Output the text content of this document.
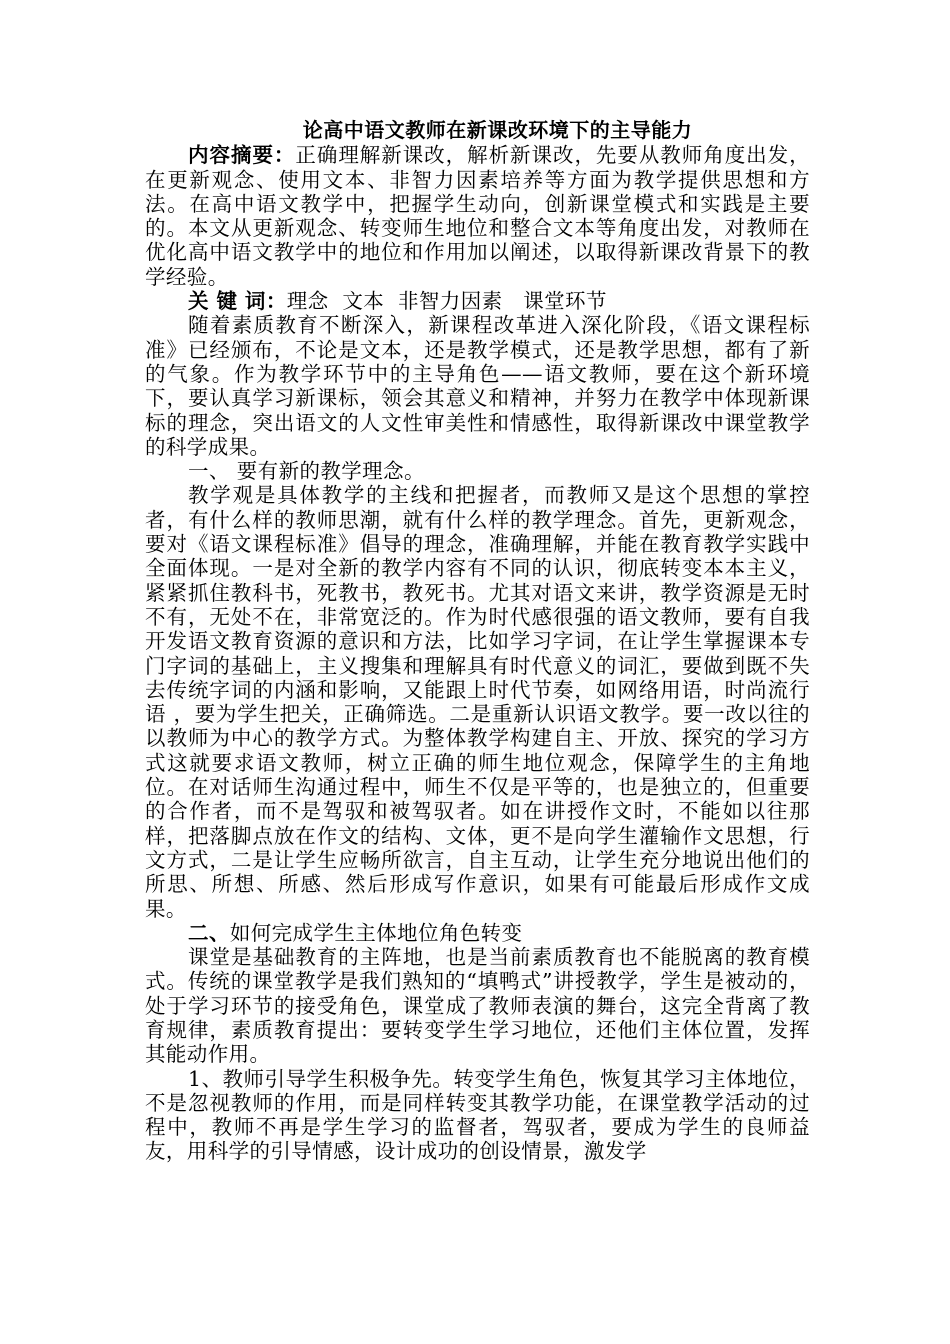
论高中语文教师在新课改环境下的主导能力

内容摘要：正确理解新课改，解析新课改，先要从教师角度出发，在更新观念、使用文本、非智力因素培养等方面为教学提供思想和方法。在高中语文教学中，把握学生动向，创新课堂模式和实践是主要的。本文从更新观念、转变师生地位和整合文本等角度出发，对教师在优化高中语文教学中的地位和作用加以阐述，以取得新课改背景下的教学经验。

关 键 词：理念  文本  非智力因素   课堂环节

随着素质教育不断深入，新课程改革进入深化阶段，《语文课程标准》已经颁布，不论是文本，还是教学模式，还是教学思想，都有了新的气象。作为教学环节中的主导角色——语文教师，要在这个新环境下，要认真学习新课标，领会其意义和精神，并努力在教学中体现新课标的理念，突出语文的人文性审美性和情感性，取得新课改中课堂教学的科学成果。

一、 要有新的教学理念。

教学观是具体教学的主线和把握者，而教师又是这个思想的掌控者，有什么样的教师思潮，就有什么样的教学理念。首先，更新观念，要对《语文课程标准》倡导的理念，准确理解，并能在教育教学实践中全面体现。一是对全新的教学内容有不同的认识，彻底转变本本主义，紧紧抓住教科书，死教书，教死书。尤其对语文来讲，教学资源是无时不有，无处不在，非常宽泛的。作为时代感很强的语文教师，要有自我开发语文教育资源的意识和方法，比如学习字词，在让学生掌握课本专门字词的基础上，主义搜集和理解具有时代意义的词汇，要做到既不失去传统字词的内涵和影响，又能跟上时代节奏，如网络用语，时尚流行语 ，要为学生把关，正确筛选。二是重新认识语文教学。要一改以往的以教师为中心的教学方式。为整体教学构建自主、开放、探究的学习方式这就要求语文教师，树立正确的师生地位观念，保障学生的主角地位。在对话师生沟通过程中，师生不仅是平等的，也是独立的，但重要的合作者，而不是驾驭和被驾驭者。如在讲授作文时，不能如以往那样，把落脚点放在作文的结构、文体，更不是向学生灌输作文思想，行文方式，二是让学生应畅所欲言，自主互动，让学生充分地说出他们的所思、所想、所感、然后形成写作意识，如果有可能最后形成作文成果。

二、如何完成学生主体地位角色转变

课堂是基础教育的主阵地，也是当前素质教育也不能脱离的教育模式。传统的课堂教学是我们熟知的“填鸭式”讲授教学，学生是被动的，处于学习环节的接受角色，课堂成了教师表演的舞台，这完全背离了教育规律，素质教育提出：要转变学生学习地位，还他们主体位置，发挥其能动作用。

1、教师引导学生积极争先。转变学生角色，恢复其学习主体地位，不是忽视教师的作用，而是同样转变其教学功能，在课堂教学活动的过程中，教师不再是学生学习的监督者，驾驭者，要成为学生的良师益友，用科学的引导情感，设计成功的创设情景，激发学
